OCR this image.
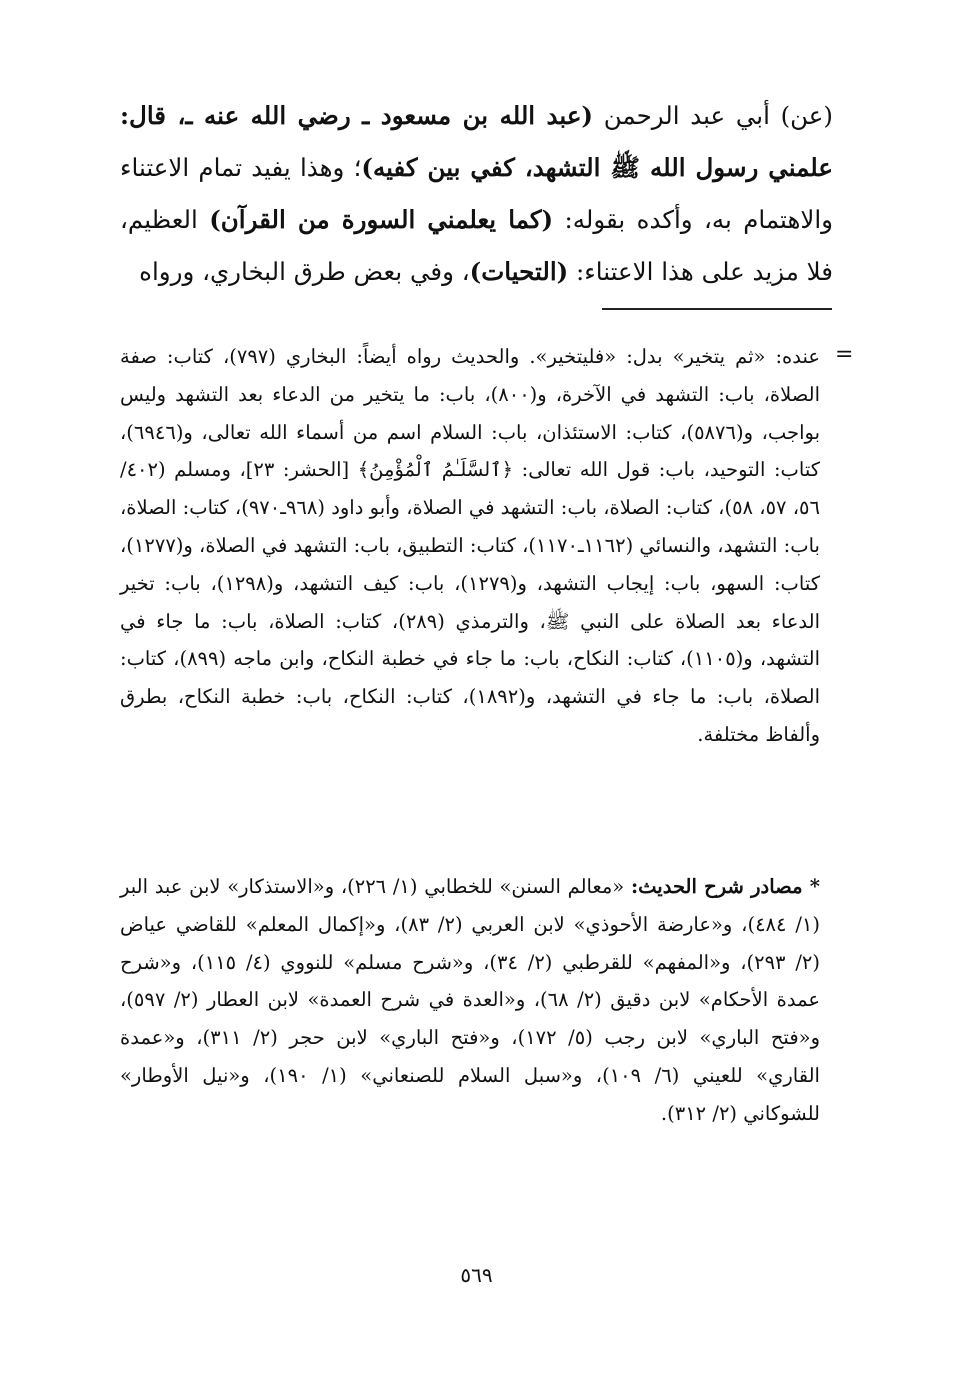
(عن) أبي عبد الرحمن (عبد الله بن مسعود ـ رضي الله عنه ـ، قال: علمني رسول الله ﷺ التشهد، كفي بين كفيه)؛ وهذا يفيد تمام الاعتناء والاهتمام به، وأكده بقوله: (كما يعلمني السورة من القرآن) العظيم، فلا مزيد على هذا الاعتناء: (التحيات)، وفي بعض طرق البخاري، ورواه

=

عنده: «ثم يتخير» بدل: «فليتخير». والحديث رواه أيضاً: البخاري (٧٩٧)، كتاب: صفة الصلاة، باب: التشهد في الآخرة، و(٨٠٠)، باب: ما يتخير من الدعاء بعد التشهد وليس بواجب، و(٥٨٧٦)، كتاب: الاستئذان، باب: السلام اسم من أسماء الله تعالى، و(٦٩٤٦)، كتاب: التوحيد، باب: قول الله تعالى: ﴿ٱلسَّلَـٰمُ ٱلْمُؤْمِنُ﴾ [الحشر: ٢٣]، ومسلم (٤٠٢/ ٥٦، ٥٧، ٥٨)، كتاب: الصلاة، باب: التشهد في الصلاة، وأبو داود (٩٦٨ـ٩٧٠)، كتاب: الصلاة، باب: التشهد، والنسائي (١١٦٢ـ١١٧٠)، كتاب: التطبيق، باب: التشهد في الصلاة، و(١٢٧٧)، كتاب: السهو، باب: إيجاب التشهد، و(١٢٧٩)، باب: كيف التشهد، و(١٢٩٨)، باب: تخير الدعاء بعد الصلاة على النبي ﷺ، والترمذي (٢٨٩)، كتاب: الصلاة، باب: ما جاء في التشهد، و(١١٠٥)، كتاب: النكاح، باب: ما جاء في خطبة النكاح، وابن ماجه (٨٩٩)، كتاب: الصلاة، باب: ما جاء في التشهد، و(١٨٩٢)، كتاب: النكاح، باب: خطبة النكاح، بطرق وألفاظ مختلفة.

* مصادر شرح الحديث: «معالم السنن» للخطابي (١/ ٢٢٦)، و«الاستذكار» لابن عبد البر (١/ ٤٨٤)، و«عارضة الأحوذي» لابن العربي (٢/ ٨٣)، و«إكمال المعلم» للقاضي عياض (٢/ ٢٩٣)، و«المفهم» للقرطبي (٢/ ٣٤)، و«شرح مسلم» للنووي (٤/ ١١٥)، و«شرح عمدة الأحكام» لابن دقيق (٢/ ٦٨)، و«العدة في شرح العمدة» لابن العطار (٢/ ٥٩٧)، و«فتح الباري» لابن رجب (٥/ ١٧٢)، و«فتح الباري» لابن حجر (٢/ ٣١١)، و«عمدة القاري» للعيني (٦/ ١٠٩)، و«سبل السلام للصنعاني» (١/ ١٩٠)، و«نيل الأوطار» للشوكاني (٢/ ٣١٢).

٥٦٩
